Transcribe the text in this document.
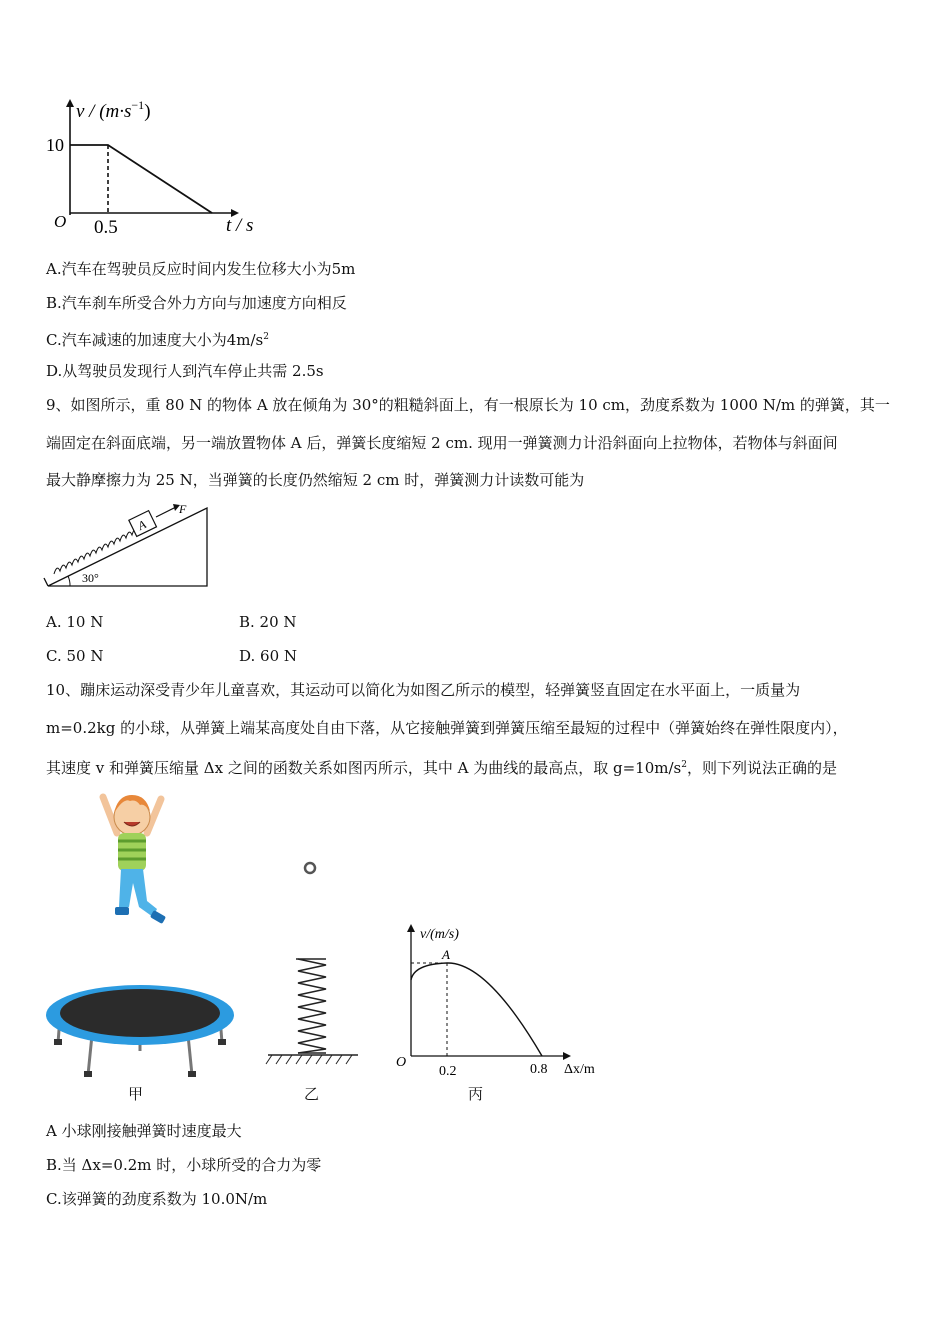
$v / (m\cdot s^{-1})$
10
O 0.5	t / s
A.汽车在驾驶员反应时间内发生位移大小为5m
B.汽车刹车所受合外力方向与加速度方向相反
C.汽车减速的加速度大小为$4m/s^2$
D.从驾驶员发现行人到汽车停止共需 2.5s
9、如图所示，重 80 N 的物体 A 放在倾角为 30°的粗糙斜面上，有一根原长为 10 cm，劲度系数为 1000 N/m 的弹簧，其一
端固定在斜面底端，另一端放置物体 A 后，弹簧长度缩短 2 cm. 现用一弹簧测力计沿斜面向上拉物体，若物体与斜面间
最大静摩擦力为 25 N，当弹簧的长度仍然缩短 2 cm 时，弹簧测力计读数可能为
A
F
30°
A. 10 N	B. 20 N
C. 50 N	D. 60 N
10、蹦床运动深受青少年儿童喜欢，其运动可以简化为如图乙所示的模型，轻弹簧竖直固定在水平面上，一质量为
m=0.2kg 的小球，从弹簧上端某高度处自由下落，从它接触弹簧到弹簧压缩至最短的过程中（弹簧始终在弹性限度内），
其速度 v 和弹簧压缩量 Δx 之间的函数关系如图丙所示，其中 A 为曲线的最高点，取 $g=10m/s^2$，则下列说法正确的是
甲	乙
v/(m/s)
A
O
0.2	0.8 Δx/m
丙
A 小球刚接触弹簧时速度最大
B.当 Δx=0.2m 时，小球所受的合力为零
C.该弹簧的劲度系数为 10.0N/m
